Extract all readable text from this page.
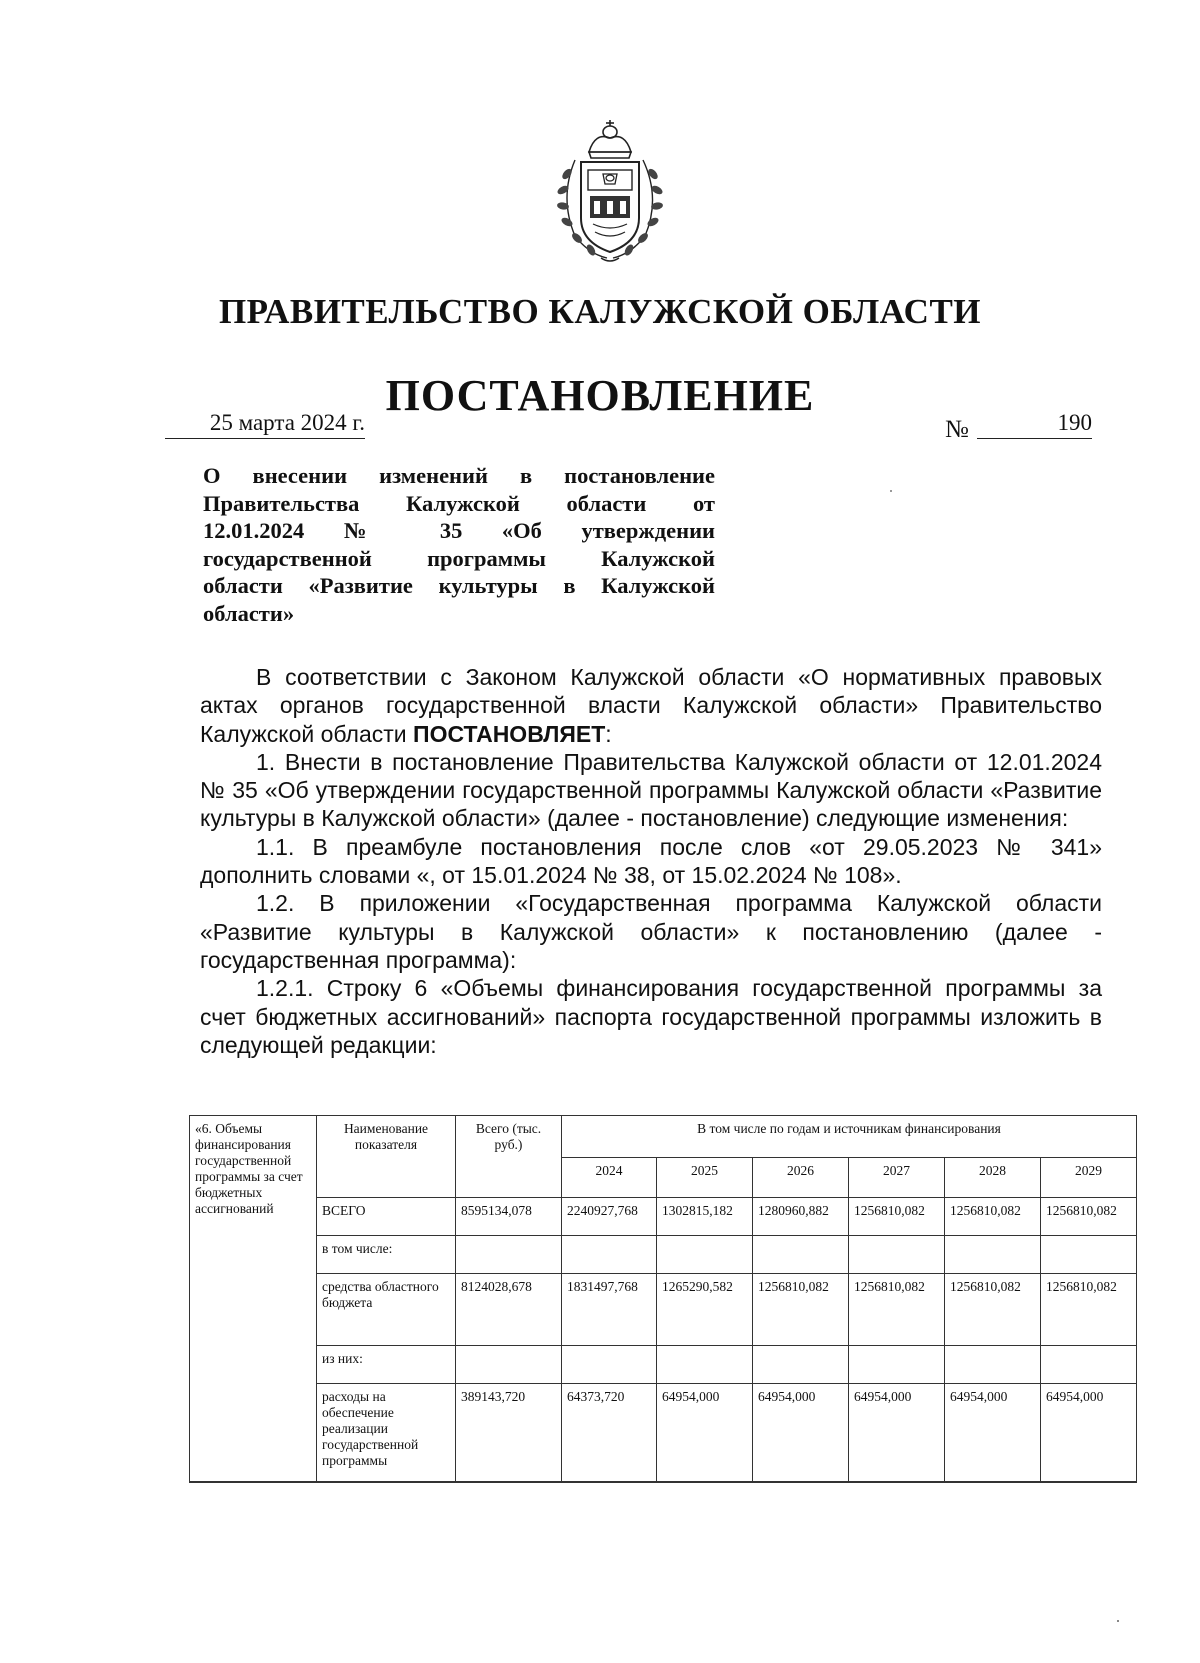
ПРАВИТЕЛЬСТВО КАЛУЖСКОЙ ОБЛАСТИ
ПОСТАНОВЛЕНИЕ
25 марта 2024 г.	№	190
О внесении изменений в постановление
Правительства Калужской области от
12.01.2024 № 35 «Об утверждении
государственной программы Калужской
области «Развитие культуры в Калужской
области»

В соответствии с Законом Калужской области «О нормативных правовых актах органов государственной власти Калужской области» Правительство Калужской области ПОСТАНОВЛЯЕТ:

1. Внести в постановление Правительства Калужской области от 12.01.2024 № 35 «Об утверждении государственной программы Калужской области «Развитие культуры в Калужской области» (далее - постановление) следующие изменения:

1.1. В преамбуле постановления после слов «от 29.05.2023 № 341» дополнить словами «, от 15.01.2024 № 38, от 15.02.2024 № 108».

1.2. В приложении «Государственная программа Калужской области «Развитие культуры в Калужской области» к постановлению (далее - государственная программа):

1.2.1. Строку 6 «Объемы финансирования государственной программы за счет бюджетных ассигнований» паспорта государственной программы изложить в следующей редакции:

«6. Объемы финансирования государственной программы за счет бюджетных ассигнований	Наименование показателя	Всего (тыс. руб.)	В том числе по годам и источникам финансирования					
			2024	2025	2026	2027	2028	2029
	ВСЕГО	8595134,078	2240927,768	1302815,182	1280960,882	1256810,082	1256810,082	1256810,082
	в том числе:							
	средства областного бюджета	8124028,678	1831497,768	1265290,582	1256810,082	1256810,082	1256810,082	1256810,082
	из них:							
	расходы на обеспечение реализации государственной программы	389143,720	64373,720	64954,000	64954,000	64954,000	64954,000	64954,000
